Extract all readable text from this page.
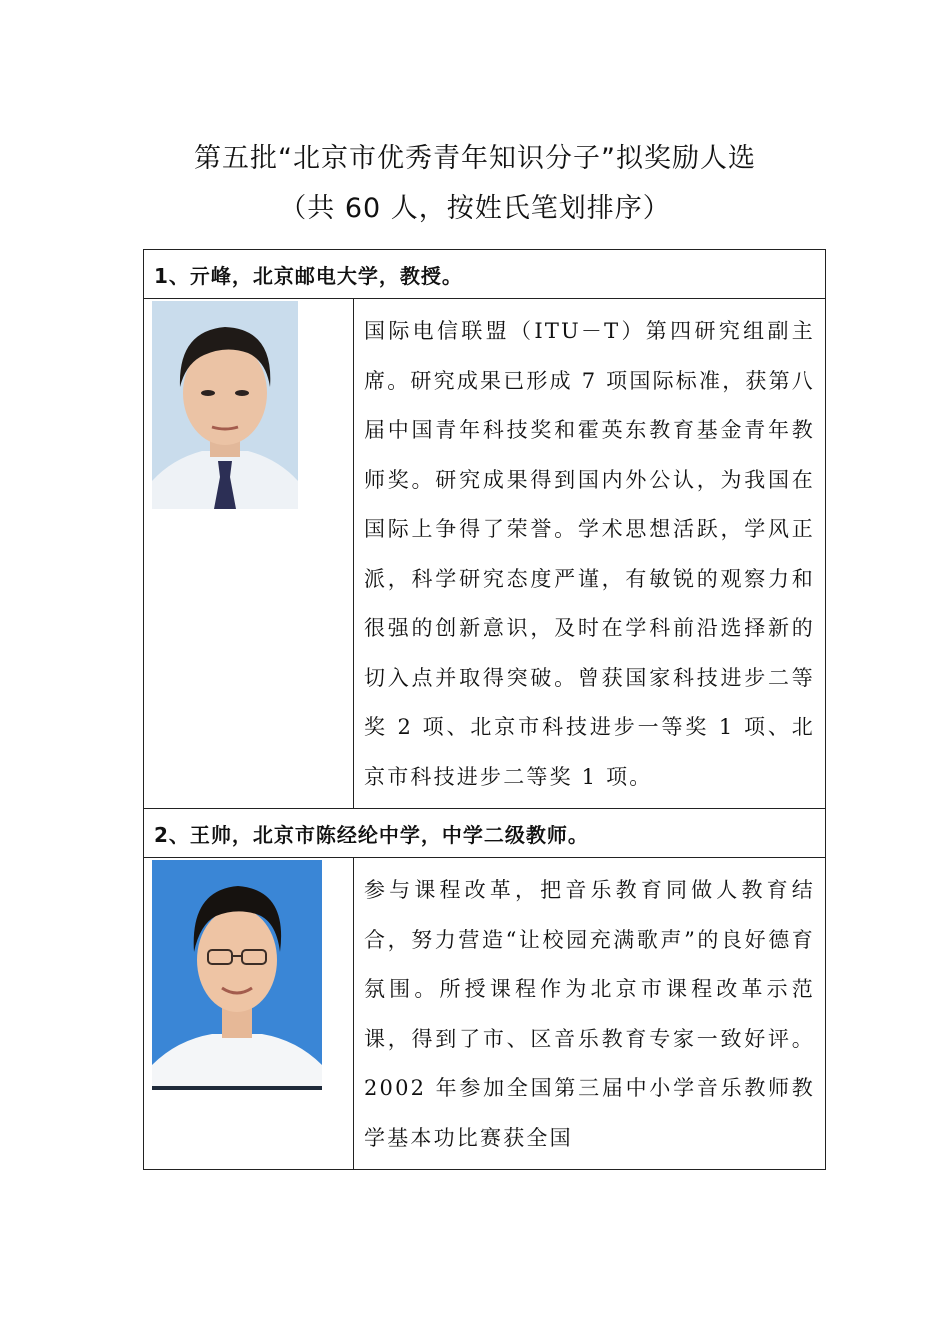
第五批“北京市优秀青年知识分子”拟奖励人选
（共 60 人，按姓氏笔划排序）
1、亓峰，北京邮电大学，教授。	

	国际电信联盟（ITU－T）第四研究组副主席。研究成果已形成 7 项国际标准，获第八届中国青年科技奖和霍英东教育基金青年教师奖。研究成果得到国内外公认，为我国在国际上争得了荣誉。学术思想活跃，学风正派，科学研究态度严谨，有敏锐的观察力和很强的创新意识，及时在学科前沿选择新的切入点并取得突破。曾获国家科技进步二等奖 2 项、北京市科技进步一等奖 1 项、北京市科技进步二等奖 1 项。
2、王帅，北京市陈经纶中学，中学二级教师。	

	参与课程改革，把音乐教育同做人教育结合，努力营造“让校园充满歌声”的良好德育氛围。所授课程作为北京市课程改革示范课，得到了市、区音乐教育专家一致好评。2002 年参加全国第三届中小学音乐教师教学基本功比赛获全国
